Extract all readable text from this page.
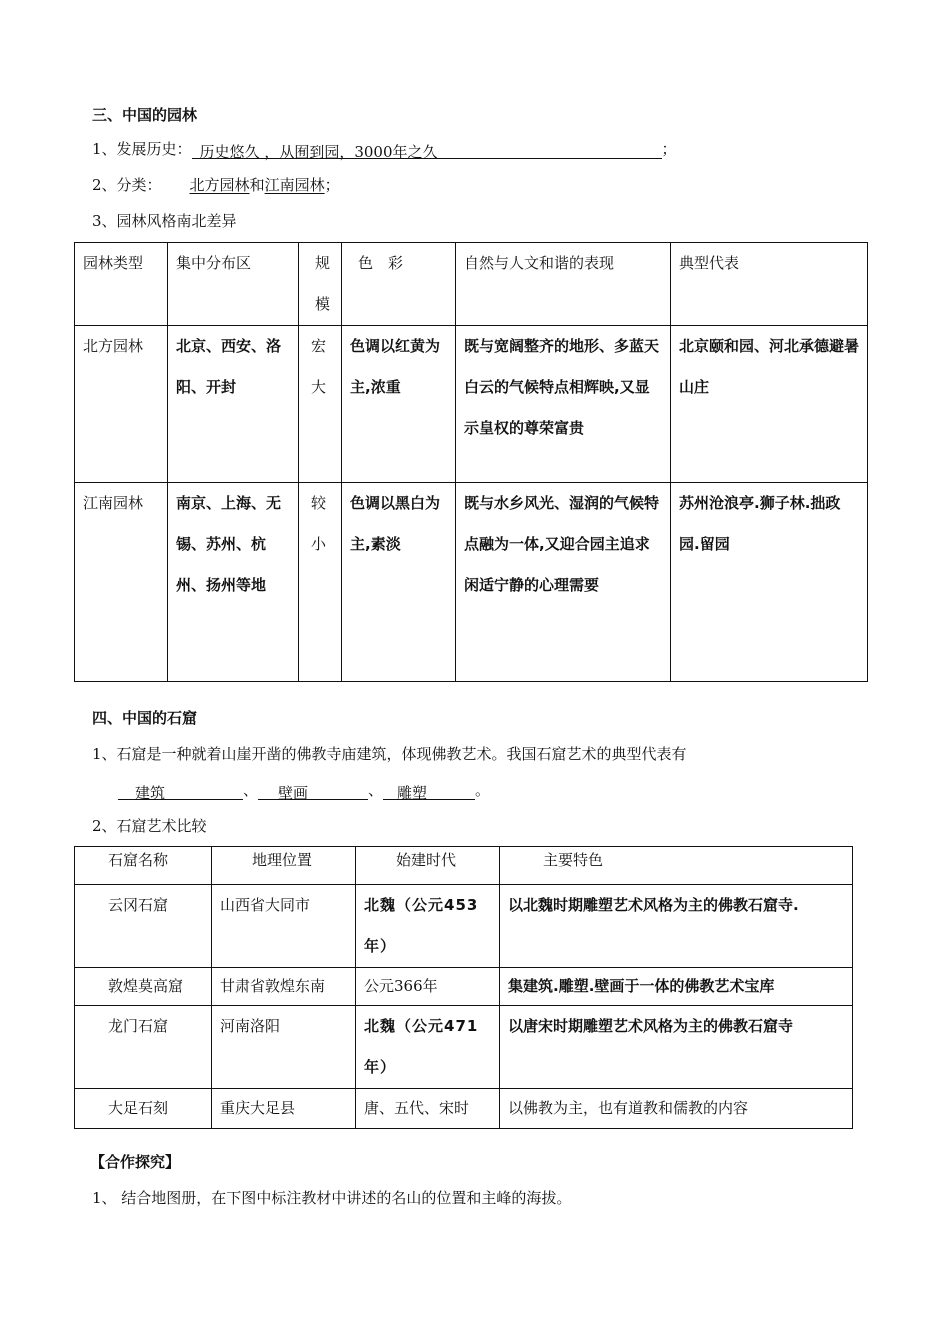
三、中国的园林
1、发展历史： 历史悠久 ，从囿到园，3000年之久	；
2、分类： 北方园林和江南园林；
3、园林风格南北差异
园林类型	集中分布区	规模	色　彩	自然与人文和谐的表现	典型代表

北方园林	北京、西安、洛阳、开封	宏大	色调以红黄为主,浓重	既与宽阔整齐的地形、多蓝天白云的气候特点相辉映,又显示皇权的尊荣富贵	北京颐和园、河北承德避暑山庄

江南园林	南京、上海、无锡、苏州、杭州、扬州等地	较小	色调以黑白为主,素淡	既与水乡风光、湿润的气候特点融为一体,又迎合园主追求闲适宁静的心理需要	苏州沧浪亭.狮子林.拙政园.留园
四、中国的石窟
1、石窟是一种就着山崖开凿的佛教寺庙建筑，体现佛教艺术。我国石窟艺术的典型代表有
建筑	、 壁画	、 雕塑	。
2、石窟艺术比较
石窟名称	地理位置	始建时代	主要特色

云冈石窟	山西省大同市	北魏（公元453年）	以北魏时期雕塑艺术风格为主的佛教石窟寺.

敦煌莫高窟	甘肃省敦煌东南	公元366年	集建筑.雕塑.壁画于一体的佛教艺术宝库

龙门石窟	河南洛阳	北魏（公元471年）	以唐宋时期雕塑艺术风格为主的佛教石窟寺

大足石刻	重庆大足县	唐、五代、宋时	以佛教为主，也有道教和儒教的内容
【合作探究】
1、 结合地图册，在下图中标注教材中讲述的名山的位置和主峰的海拔。
